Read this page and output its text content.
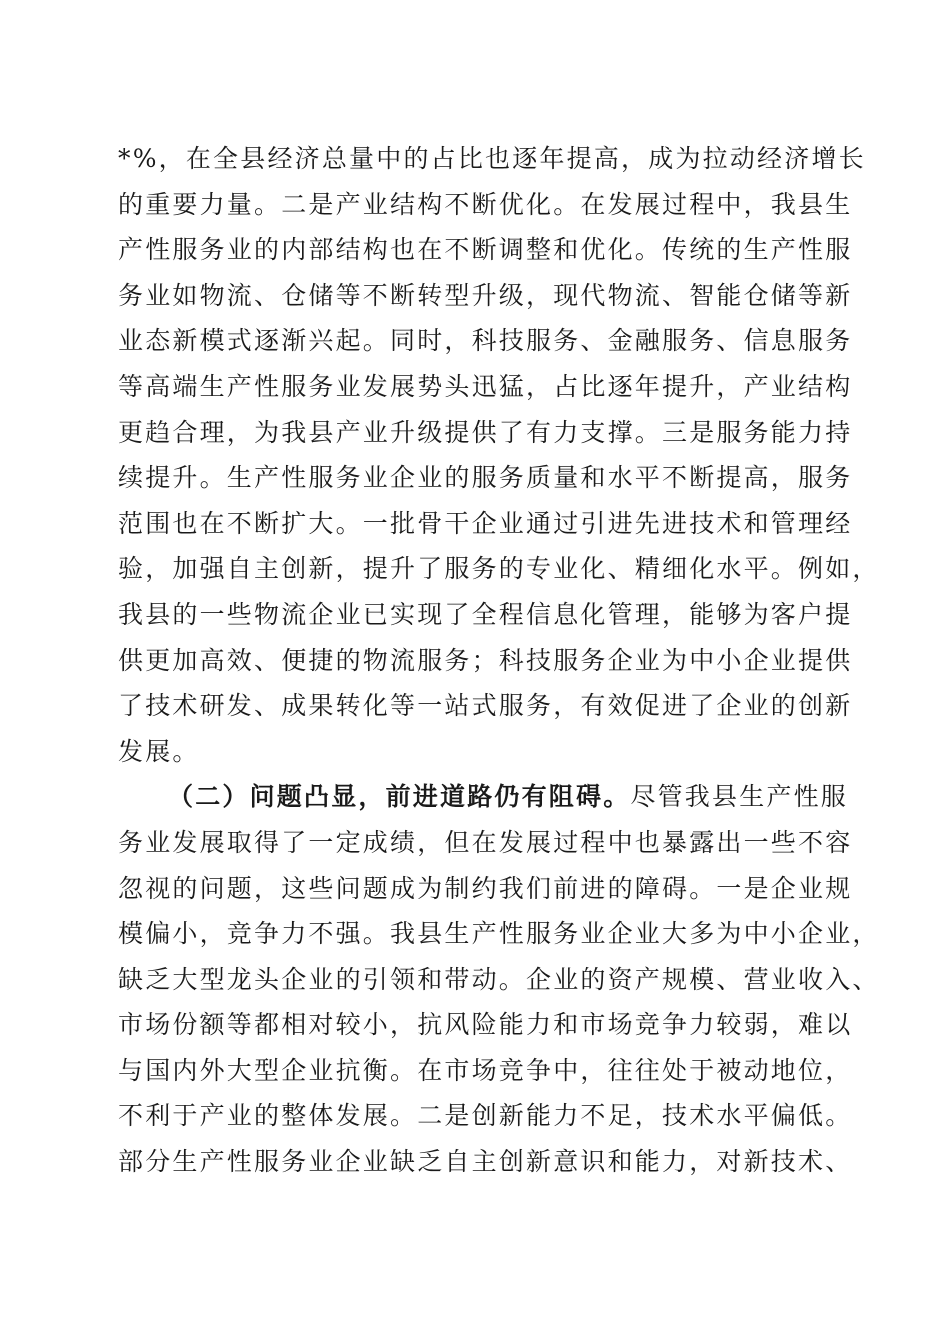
*%，在全县经济总量中的占比也逐年提高，成为拉动经济增长
的重要力量。二是产业结构不断优化。在发展过程中，我县生
产性服务业的内部结构也在不断调整和优化。传统的生产性服
务业如物流、仓储等不断转型升级，现代物流、智能仓储等新
业态新模式逐渐兴起。同时，科技服务、金融服务、信息服务
等高端生产性服务业发展势头迅猛，占比逐年提升，产业结构
更趋合理，为我县产业升级提供了有力支撑。三是服务能力持
续提升。生产性服务业企业的服务质量和水平不断提高，服务
范围也在不断扩大。一批骨干企业通过引进先进技术和管理经
验，加强自主创新，提升了服务的专业化、精细化水平。例如，
我县的一些物流企业已实现了全程信息化管理，能够为客户提
供更加高效、便捷的物流服务；科技服务企业为中小企业提供
了技术研发、成果转化等一站式服务，有效促进了企业的创新
发展。
（二）问题凸显，前进道路仍有阻碍。尽管我县生产性服
务业发展取得了一定成绩，但在发展过程中也暴露出一些不容
忽视的问题，这些问题成为制约我们前进的障碍。一是企业规
模偏小，竞争力不强。我县生产性服务业企业大多为中小企业，
缺乏大型龙头企业的引领和带动。企业的资产规模、营业收入、
市场份额等都相对较小，抗风险能力和市场竞争力较弱，难以
与国内外大型企业抗衡。在市场竞争中，往往处于被动地位，
不利于产业的整体发展。二是创新能力不足，技术水平偏低。
部分生产性服务业企业缺乏自主创新意识和能力，对新技术、
